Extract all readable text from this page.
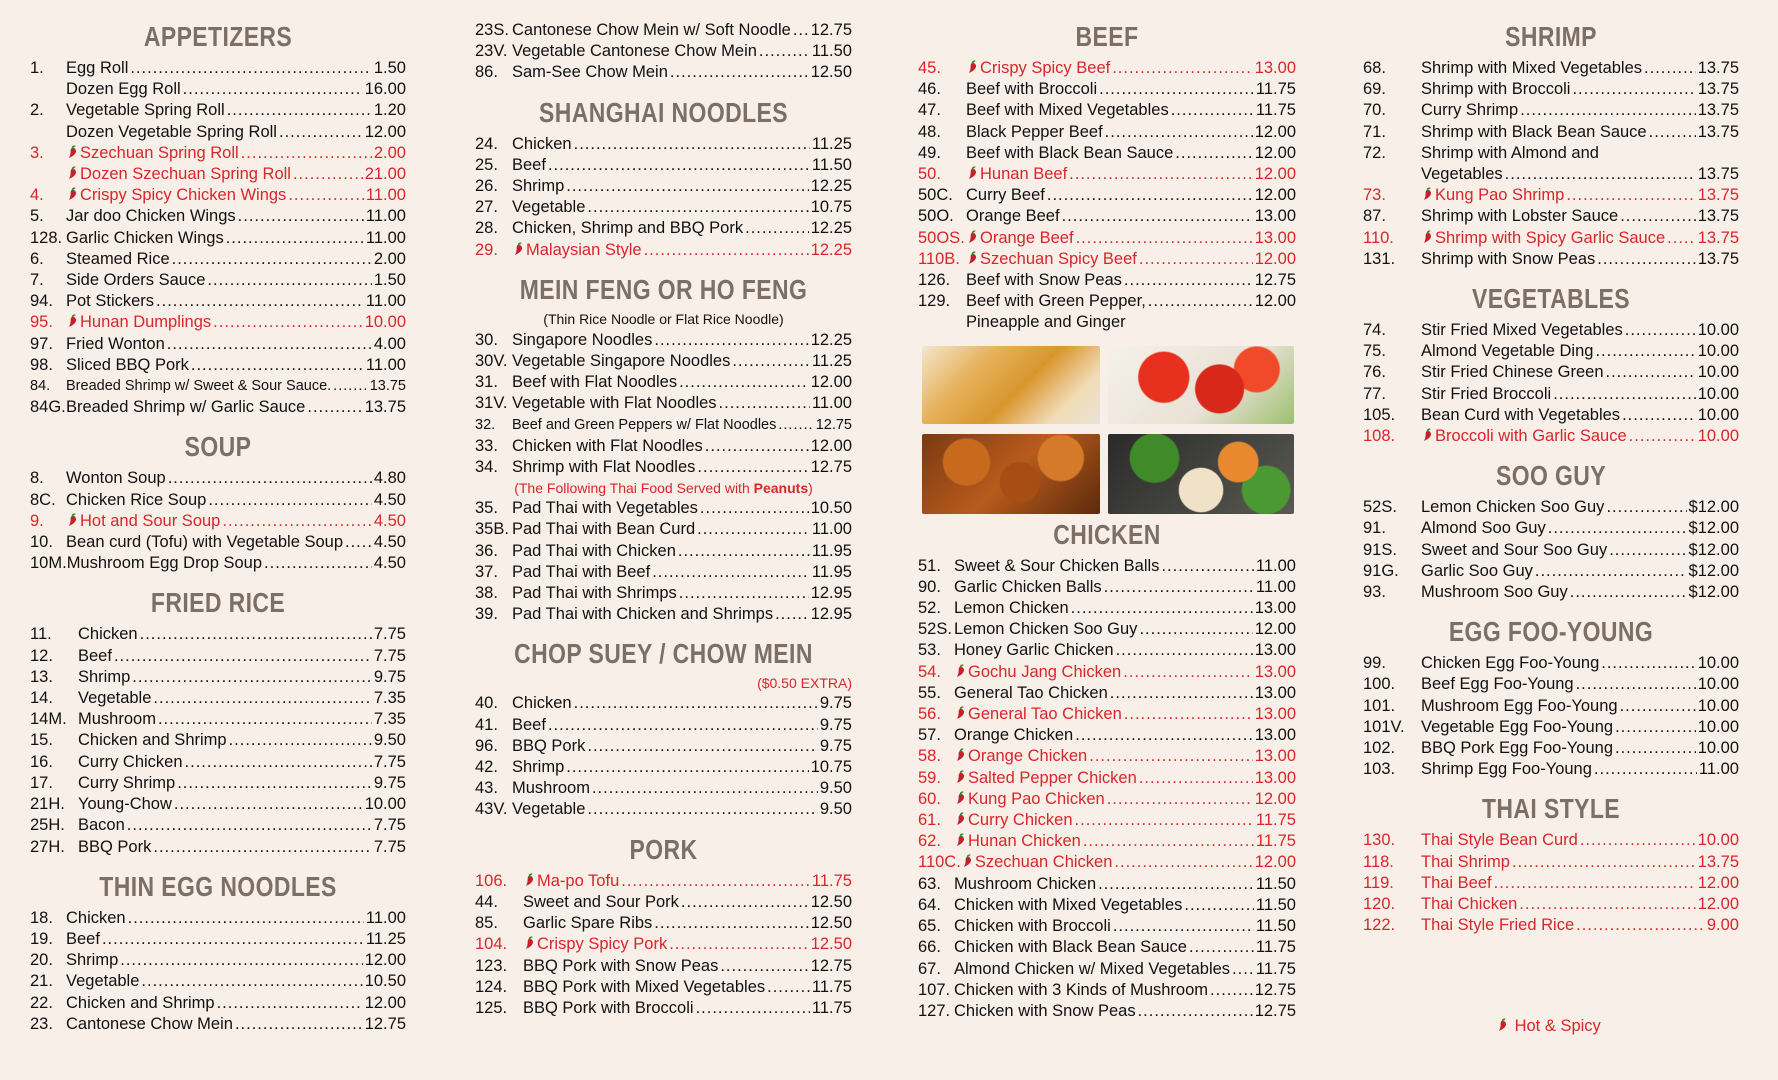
APPETIZERS
1.	Egg Roll .....	1.50
Dozen Egg Roll .....	16.00
2.	Vegetable Spring Roll .....	1.20
Dozen Vegetable Spring Roll .....	12.00
3.	Szechuan Spring Roll .....	2.00
Dozen Szechuan Spring Roll .....	21.00
4.	Crispy Spicy Chicken Wings .....	11.00
5.	Jar doo Chicken Wings .....	11.00
128. Garlic Chicken Wings .....	11.00
6.	Steamed Rice .....	2.00
7.	Side Orders Sauce .....	1.50
94. Pot Stickers .....	11.00
95.	Hunan Dumplings .....	10.00
97. Fried Wonton .....	4.00
98. Sliced BBQ Pork .....	11.00
84.	Breaded Shrimp w/ Sweet & Sour Sauce. .....	13.75
84G. Breaded Shrimp w/ Garlic Sauce .....	13.75
SOUP
8.	Wonton Soup .....	4.80
8C. Chicken Rice Soup .....	4.50
9.	Hot and Sour Soup .....	4.50
10. Bean curd (Tofu) with Vegetable Soup ..... 4.50
10M. Mushroom Egg Drop Soup .....	4.50
FRIED RICE
11.	Chicken .....	7.75
12.	Beef .....	7.75
13.	Shrimp .....	9.75
14.	Vegetable .....	7.35
14M. Mushroom .....	7.35
15.	Chicken and Shrimp .....	9.50
16.	Curry Chicken .....	7.75
17.	Curry Shrimp .....	9.75
21H. Young-Chow .....	10.00
25H. Bacon .....	7.75
27H. BBQ Pork .....	7.75
THIN EGG NOODLES
18. Chicken .....	11.00
19. Beef .....	11.25
20. Shrimp .....	12.00
21. Vegetable .....	10.50
22. Chicken and Shrimp .....	12.00
23. Cantonese Chow Mein .....	12.75
23S. Cantonese Chow Mein w/ Soft Noodle ..... 12.75
23V. Vegetable Cantonese Chow Mein .....	11.50
86. Sam-See Chow Mein .....	12.50
SHANGHAI NOODLES
24. Chicken .....	11.25
25. Beef .....	11.50
26. Shrimp .....	12.25
27. Vegetable .....	10.75
28. Chicken, Shrimp and BBQ Pork .....	12.25
29.	Malaysian Style .....	12.25
MEIN FENG OR HO FENG
(Thin Rice Noodle or Flat Rice Noodle)
30. Singapore Noodles .....	12.25
30V. Vegetable Singapore Noodles .....	11.25
31. Beef with Flat Noodles .....	12.00
31V. Vegetable with Flat Noodles .....	11.00
32.	Beef and Green Peppers w/ Flat Noodles .....	12.75
33. Chicken with Flat Noodles .....	12.00
34. Shrimp with Flat Noodles .....	12.75
(The Following Thai Food Served with Peanuts)
35. Pad Thai with Vegetables .....	10.50
35B. Pad Thai with Bean Curd .....	11.00
36. Pad Thai with Chicken .....	11.95
37. Pad Thai with Beef .....	11.95
38. Pad Thai with Shrimps .....	12.95
39. Pad Thai with Chicken and Shrimps ..... 12.95
CHOP SUEY / CHOW MEIN
($0.50 EXTRA)
40. Chicken .....	9.75
41. Beef .....	9.75
96. BBQ Pork .....	9.75
42. Shrimp .....	10.75
43. Mushroom .....	9.50
43V. Vegetable .....	9.50
PORK
106.	Ma-po Tofu .....	11.75
44.	Sweet and Sour Pork .....	12.50
85.	Garlic Spare Ribs .....	12.50
104.	Crispy Spicy Pork .....	12.50
123. BBQ Pork with Snow Peas .....	12.75
124. BBQ Pork with Mixed Vegetables .....	11.75
125. BBQ Pork with Broccoli .....	11.75
BEEF
45.	Crispy Spicy Beef .....	13.00
46.	Beef with Broccoli .....	11.75
47.	Beef with Mixed Vegetables .....	11.75
48.	Black Pepper Beef .....	12.00
49.	Beef with Black Bean Sauce .....	12.00
50.	Hunan Beef .....	12.00
50C. Curry Beef .....	12.00
50O. Orange Beef .....	13.00
50OS. Orange Beef .....	13.00
110B.	Szechuan Spicy Beef .....	12.00
126. Beef with Snow Peas .....	12.75
129. Beef with Green Pepper, .....	12.00
Pineapple and Ginger
CHICKEN
51. Sweet & Sour Chicken Balls .....	11.00
90. Garlic Chicken Balls .....	11.00
52. Lemon Chicken .....	13.00
52S. Lemon Chicken Soo Guy .....	12.00
53. Honey Garlic Chicken .....	13.00
54.	Gochu Jang Chicken .....	13.00
55. General Tao Chicken .....	13.00
56.	General Tao Chicken .....	13.00
57. Orange Chicken .....	13.00
58.	Orange Chicken .....	13.00
59.	Salted Pepper Chicken .....	13.00
60.	Kung Pao Chicken .....	12.00
61.	Curry Chicken .....	11.75
62.	Hunan Chicken .....	11.75
110C. Szechuan Chicken .....	12.00
63. Mushroom Chicken .....	11.50
64. Chicken with Mixed Vegetables .....	11.50
65. Chicken with Broccoli .....	11.50
66. Chicken with Black Bean Sauce .....	11.75
67. Almond Chicken w/ Mixed Vegetables ..... 11.75
107. Chicken with 3 Kinds of Mushroom .....	12.75
127. Chicken with Snow Peas .....	12.75
SHRIMP
68.	Shrimp with Mixed Vegetables .....	13.75
69.	Shrimp with Broccoli .....	13.75
70.	Curry Shrimp .....	13.75
71.	Shrimp with Black Bean Sauce .....	13.75
72.	Shrimp with Almond and
Vegetables .....	13.75
73.	Kung Pao Shrimp .....	13.75
87.	Shrimp with Lobster Sauce .....	13.75
110.	Shrimp with Spicy Garlic Sauce ..... 13.75
131.	Shrimp with Snow Peas .....	13.75
VEGETABLES
74.	Stir Fried Mixed Vegetables .....	10.00
75.	Almond Vegetable Ding .....	10.00
76.	Stir Fried Chinese Green .....	10.00
77.	Stir Fried Broccoli .....	10.00
105.	Bean Curd with Vegetables .....	10.00
108.	Broccoli with Garlic Sauce .....	10.00
SOO GUY
52S.	Lemon Chicken Soo Guy .....	$12.00
91.	Almond Soo Guy .....	$12.00
91S.	Sweet and Sour Soo Guy .....	$12.00
91G.	Garlic Soo Guy .....	$12.00
93.	Mushroom Soo Guy .....	$12.00
EGG FOO-YOUNG
99.	Chicken Egg Foo-Young .....	10.00
100.	Beef Egg Foo-Young .....	10.00
101.	Mushroom Egg Foo-Young .....	10.00
101V. Vegetable Egg Foo-Young .....	10.00
102.	BBQ Pork Egg Foo-Young .....	10.00
103.	Shrimp Egg Foo-Young .....	11.00
THAI STYLE
130.	Thai Style Bean Curd .....	10.00
118.	Thai Shrimp .....	13.75
119.	Thai Beef .....	12.00
120.	Thai Chicken .....	12.00
122.	Thai Style Fried Rice .....	9.00
Hot & Spicy
